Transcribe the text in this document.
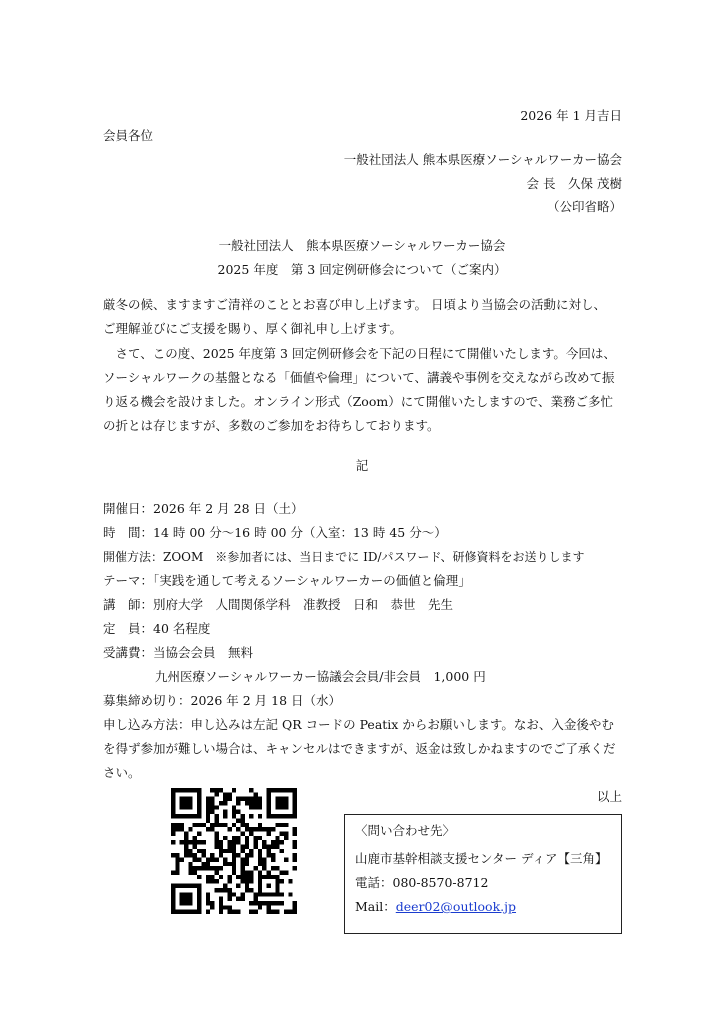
2026 年 1 月吉日
会員各位
一般社団法人 熊本県医療ソーシャルワーカー協会
会 長　久保 茂樹
（公印省略）
一般社団法人　熊本県医療ソーシャルワーカー協会
2025 年度　第 3 回定例研修会について（ご案内）
厳冬の候、ますますご清祥のこととお喜び申し上げます。 日頃より当協会の活動に対し、
ご理解並びにご支援を賜り、厚く御礼申し上げます。
　さて、この度、2025 年度第 3 回定例研修会を下記の日程にて開催いたします。今回は、
ソーシャルワークの基盤となる「価値や倫理」について、講義や事例を交えながら改めて振
り返る機会を設けました。オンライン形式（Zoom）にて開催いたしますので、業務ご多忙
の折とは存じますが、多数のご参加をお待ちしております。
記
開催日：2026 年 2 月 28 日（土）
時　間：14 時 00 分～16 時 00 分（入室：13 時 45 分～）
開催方法：ZOOM　※参加者には、当日までに ID/パスワード、研修資料をお送りします
テーマ：「実践を通して考えるソーシャルワーカーの価値と倫理」
講　師：別府大学　人間関係学科　准教授　日和　恭世　先生
定　員：40 名程度
受講費：当協会会員　無料
九州医療ソーシャルワーカー協議会会員/非会員　1,000 円
募集締め切り：2026 年 2 月 18 日（水）
申し込み方法：申し込みは左記 QR コードの Peatix からお願いします。なお、入金後やむ
を得ず参加が難しい場合は、キャンセルはできますが、返金は致しかねますのでご了承くだ
さい。
以上
〈問い合わせ先〉
山鹿市基幹相談支援センター ディア【三角】
電話：080-8570-8712
Mail：deer02@outlook.jp
